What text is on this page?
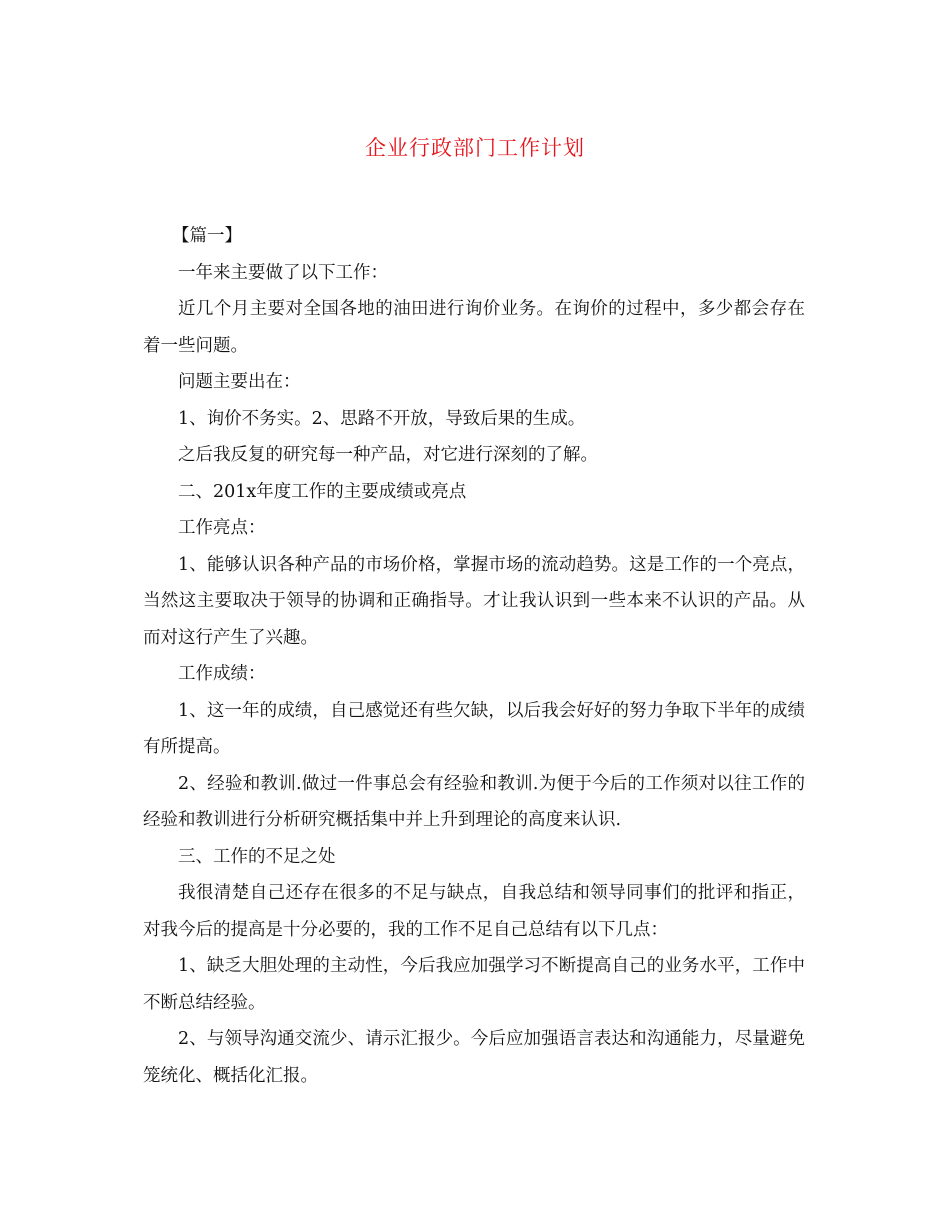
企业行政部门工作计划

【篇一】

一年来主要做了以下工作：

近几个月主要对全国各地的油田进行询价业务。在询价的过程中，多少都会存在着一些问题。

问题主要出在：

1、询价不务实。2、思路不开放，导致后果的生成。

之后我反复的研究每一种产品，对它进行深刻的了解。

二、201x年度工作的主要成绩或亮点

工作亮点：

1、能够认识各种产品的市场价格，掌握市场的流动趋势。这是工作的一个亮点，当然这主要取决于领导的协调和正确指导。才让我认识到一些本来不认识的产品。从而对这行产生了兴趣。

工作成绩：

1、这一年的成绩，自己感觉还有些欠缺，以后我会好好的努力争取下半年的成绩有所提高。

2、经验和教训.做过一件事总会有经验和教训.为便于今后的工作须对以往工作的经验和教训进行分析研究概括集中并上升到理论的高度来认识.

三、工作的不足之处

我很清楚自己还存在很多的不足与缺点，自我总结和领导同事们的批评和指正，对我今后的提高是十分必要的，我的工作不足自己总结有以下几点：

1、缺乏大胆处理的主动性，今后我应加强学习不断提高自己的业务水平，工作中不断总结经验。

2、与领导沟通交流少、请示汇报少。今后应加强语言表达和沟通能力，尽量避免笼统化、概括化汇报。
